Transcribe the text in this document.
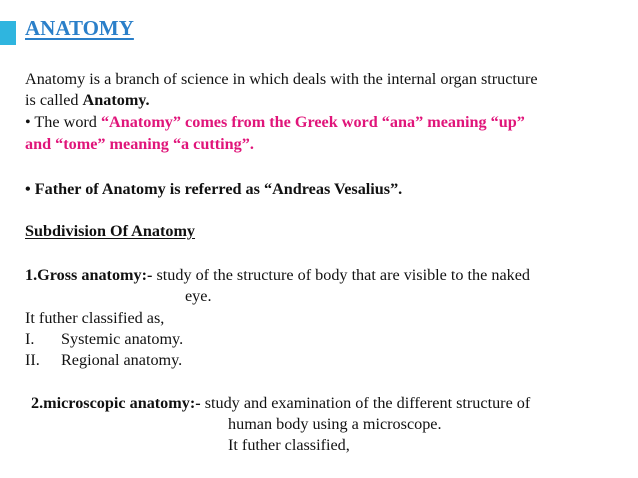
ANATOMY
Anatomy is a branch of science in which deals with the internal organ structure
is called Anatomy.
• The word “Anatomy” comes from the Greek word “ana” meaning “up”
and “tome” meaning “a cutting”.
• Father of Anatomy is referred as “Andreas Vesalius”.
Subdivision Of Anatomy
1.Gross anatomy:- study of the structure of body that are visible to the naked
eye.
It futher classified as,
I. Systemic anatomy.
II. Regional anatomy.
2.microscopic anatomy:- study and examination of the different structure of
human body using a microscope.
It futher classified,
